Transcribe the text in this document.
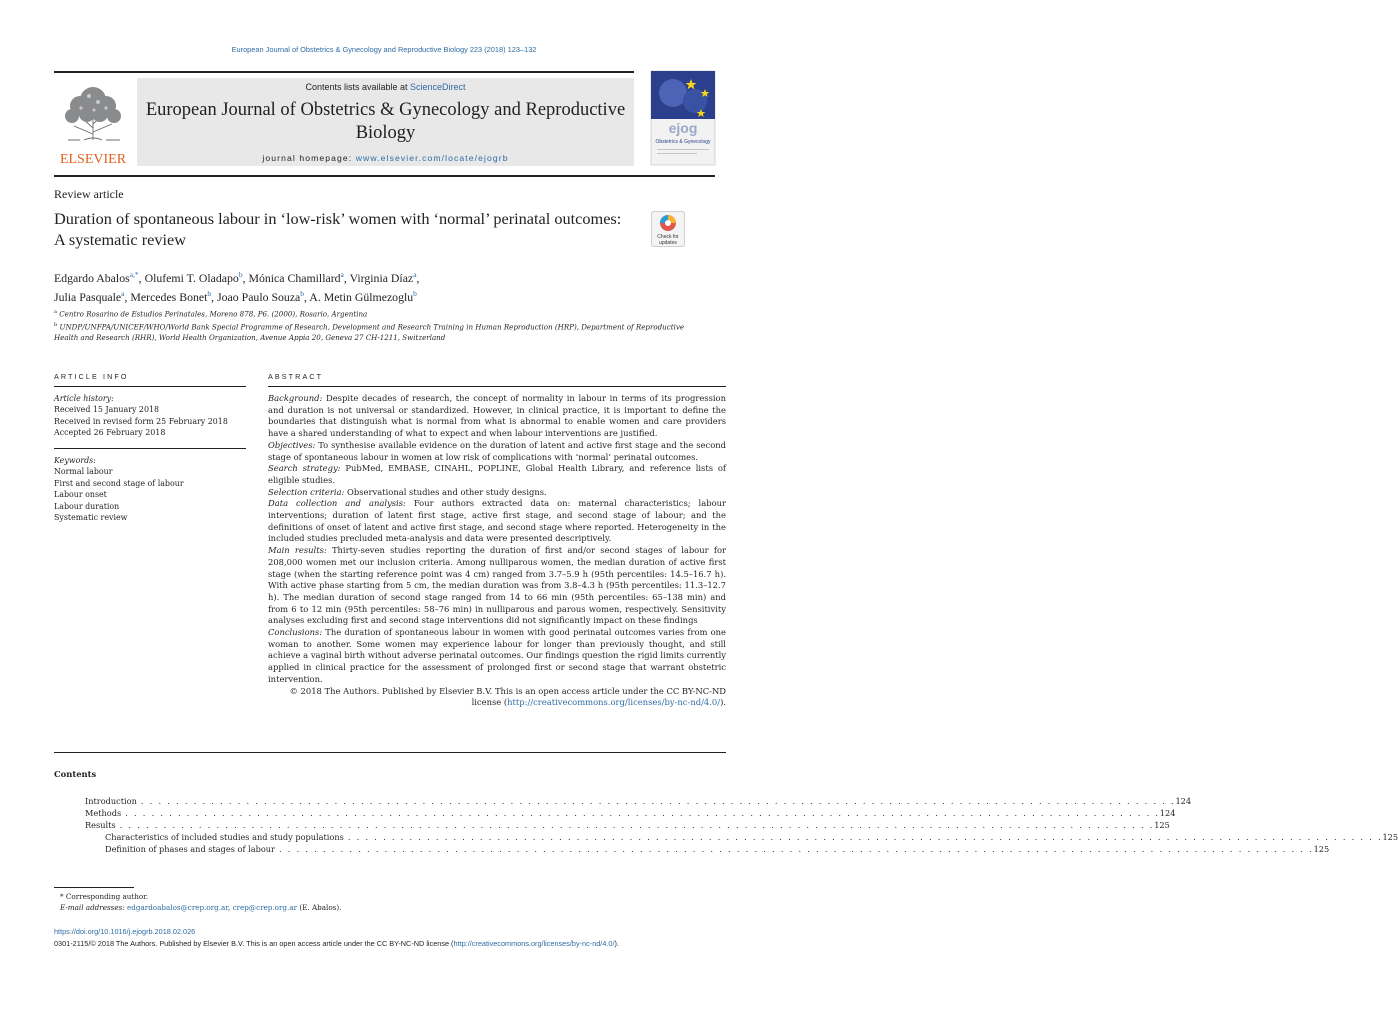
European Journal of Obstetrics & Gynecology and Reproductive Biology 223 (2018) 123–132
ELSEVIER
Contents lists available at ScienceDirect
European Journal of Obstetrics & Gynecology and Reproductive Biology
journal homepage: www.elsevier.com/locate/ejogrb
ejog
Obstetrics & Gynecology
Review article
Duration of spontaneous labour in ‘low-risk’ women with ‘normal’ perinatal outcomes: A systematic review	Check for
updates
Edgardo Abalos$^{a,*}$, Olufemi T. Oladapo$^b$, Mónica Chamillard$^a$, Virginia Díaz$^a$,
Julia Pasquale$^a$, Mercedes Bonet$^b$, Joao Paulo Souza$^b$, A. Metin Gülmezoglu$^b$
$^a$ Centro Rosarino de Estudios Perinatales, Moreno 878, P6. (2000), Rosario, Argentina
$^b$ UNDP/UNFPA/UNICEF/WHO/World Bank Special Programme of Research, Development and Research Training in Human Reproduction (HRP), Department of Reproductive Health and Research (RHR), World Health Organization, Avenue Appia 20, Geneva 27 CH-1211, Switzerland
ARTICLE INFO	ABSTRACT
Article history:
Received 15 January 2018
Received in revised form 25 February 2018
Accepted 26 February 2018
Keywords:
Normal labour
First and second stage of labour
Labour onset
Labour duration
Systematic review

Background: Despite decades of research, the concept of normality in labour in terms of its progression and duration is not universal or standardized. However, in clinical practice, it is important to define the boundaries that distinguish what is normal from what is abnormal to enable women and care providers have a shared understanding of what to expect and when labour interventions are justified.

Objectives: To synthesise available evidence on the duration of latent and active first stage and the second stage of spontaneous labour in women at low risk of complications with ‘normal’ perinatal outcomes.

Search strategy: PubMed, EMBASE, CINAHL, POPLINE, Global Health Library, and reference lists of eligible studies.

Selection criteria: Observational studies and other study designs.

Data collection and analysis: Four authors extracted data on: maternal characteristics; labour interventions; duration of latent first stage, active first stage, and second stage of labour; and the definitions of onset of latent and active first stage, and second stage where reported. Heterogeneity in the included studies precluded meta-analysis and data were presented descriptively.

Main results: Thirty-seven studies reporting the duration of first and/or second stages of labour for 208,000 women met our inclusion criteria. Among nulliparous women, the median duration of active first stage (when the starting reference point was 4 cm) ranged from 3.7–5.9 h (95th percentiles: 14.5–16.7 h). With active phase starting from 5 cm, the median duration was from 3.8–4.3 h (95th percentiles: 11.3–12.7 h). The median duration of second stage ranged from 14 to 66 min (95th percentiles: 65–138 min) and from 6 to 12 min (95th percentiles: 58–76 min) in nulliparous and parous women, respectively. Sensitivity analyses excluding first and second stage interventions did not significantly impact on these findings

Conclusions: The duration of spontaneous labour in women with good perinatal outcomes varies from one woman to another. Some women may experience labour for longer than previously thought, and still achieve a vaginal birth without adverse perinatal outcomes. Our findings question the rigid limits currently applied in clinical practice for the assessment of prolonged first or second stage that warrant obstetric intervention.

© 2018 The Authors. Published by Elsevier B.V. This is an open access article under the CC BY-NC-ND license (http://creativecommons.org/licenses/by-nc-nd/4.0/).

Contents
Introduction . . . . . . . . . . . . . . . . . . . . . . . . . . . . . . . . . . . . . . . . . . . . . . . . . . . . . . . . . . . . . . . . . . . . . . . . . . . . . . . . . . . . . . . . . . . . . . . . . . . . . . . . . . . . . . . . . . . . . . 124
Methods . . . . . . . . . . . . . . . . . . . . . . . . . . . . . . . . . . . . . . . . . . . . . . . . . . . . . . . . . . . . . . . . . . . . . . . . . . . . . . . . . . . . . . . . . . . . . . . . . . . . . . . . . . . . . . . . . . . . . . 124
Results . . . . . . . . . . . . . . . . . . . . . . . . . . . . . . . . . . . . . . . . . . . . . . . . . . . . . . . . . . . . . . . . . . . . . . . . . . . . . . . . . . . . . . . . . . . . . . . . . . . . . . . . . . . . . . . . . . . . . . 125
Characteristics of included studies and study populations . . . . . . . . . . . . . . . . . . . . . . . . . . . . . . . . . . . . . . . . . . . . . . . . . . . . . . . . . . . . . . . . . . . . . . . . . . . . . . . . . . . . . . . . . . . . . . . . . . . . . . . . . . . . . . . . . . . . . . 125
Definition of phases and stages of labour . . . . . . . . . . . . . . . . . . . . . . . . . . . . . . . . . . . . . . . . . . . . . . . . . . . . . . . . . . . . . . . . . . . . . . . . . . . . . . . . . . . . . . . . . . . . . . . . . . . . . . . . . . . . . . . . . . . . . . 125
* Corresponding author.
E-mail addresses: edgardoabalos@crep.org.ar, crep@crep.org.ar (E. Abalos).
https://doi.org/10.1016/j.ejogrb.2018.02.026
0301-2115/© 2018 The Authors. Published by Elsevier B.V. This is an open access article under the CC BY-NC-ND license (http://creativecommons.org/licenses/by-nc-nd/4.0/).
